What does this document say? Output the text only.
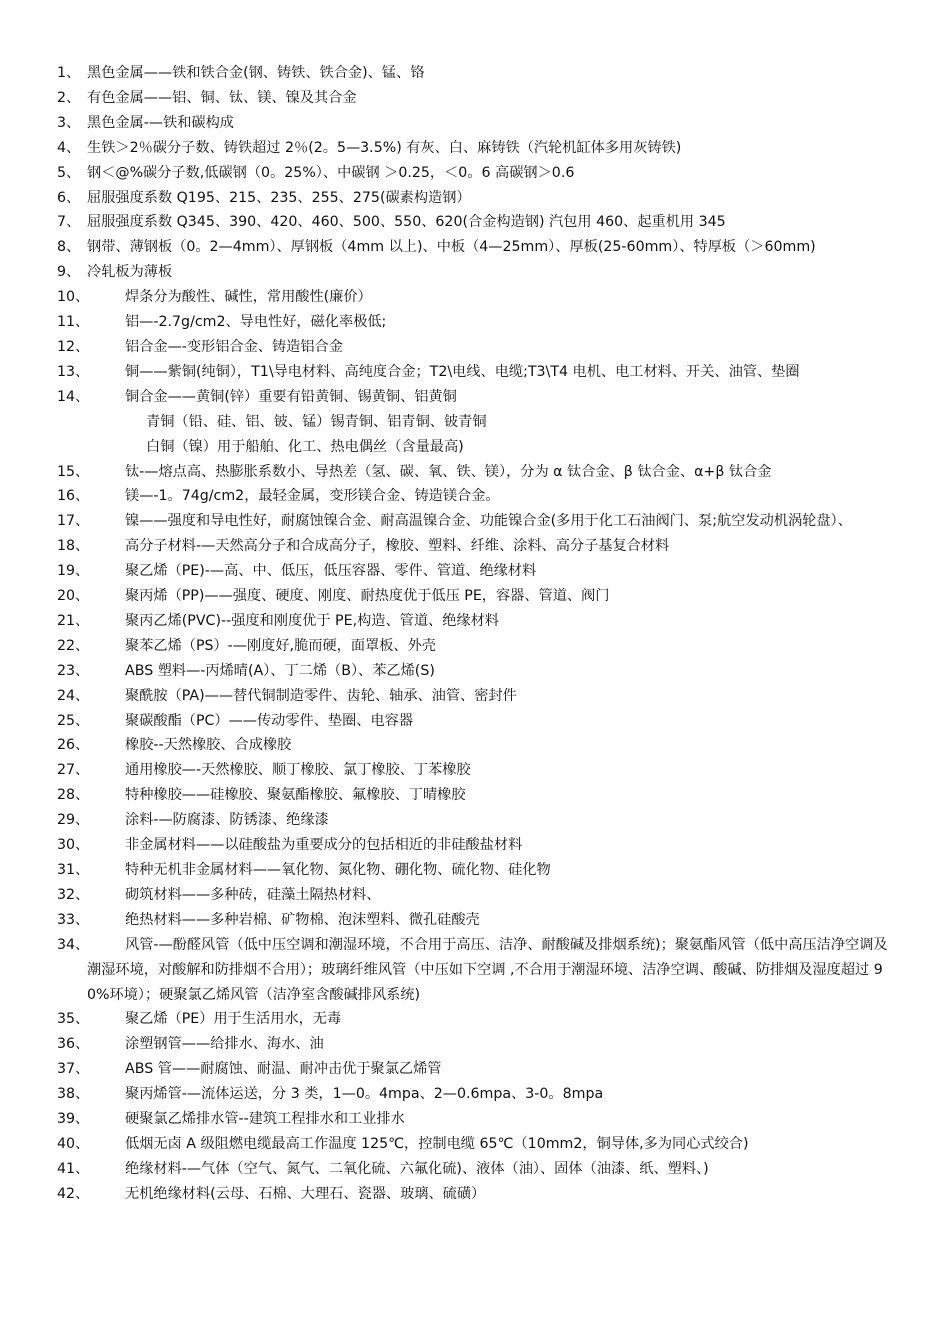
1、 黑色金属——铁和铁合金(钢、铸铁、铁合金)、锰、铬
2、 有色金属——铝、铜、钛、镁、镍及其合金
3、 黑色金属-—铁和碳构成
4、 生铁＞2％碳分子数、铸铁超过 2％(2。5—3.5%) 有灰、白、麻铸铁（汽轮机缸体多用灰铸铁)
5、 钢＜@%碳分子数,低碳钢（0。25%）、中碳钢 ＞0.25，＜0。6 高碳钢＞0.6
6、 屈服强度系数 Q195、215、235、255、275(碳素构造钢）
7、 屈服强度系数 Q345、390、420、460、500、550、620(合金构造钢) 汽包用 460、起重机用 345
8、 钢带、薄钢板（0。2—4mm）、厚钢板（4mm 以上)、中板（4—25mm）、厚板(25-60mm）、特厚板（＞60mm)
9、 冷轧板为薄板
10、	焊条分为酸性、碱性，常用酸性(廉价）
11、	铝—-2.7g/cm2、导电性好，磁化率极低;
12、	铝合金—-变形铝合金、铸造铝合金
13、	铜——紫铜(纯铜），T1\导电材料、高纯度合金；T2\电线、电缆;T3\T4 电机、电工材料、开关、油管、垫圈
14、	铜合金——黄铜(锌）重要有铅黄铜、锡黄铜、铝黄铜
青铜（铅、硅、铝、铍、锰）锡青铜、铝青铜、铍青铜
白铜（镍）用于船舶、化工、热电偶丝（含量最高)
15、	钛-—熔点高、热膨胀系数小、导热差（氢、碳、氧、铁、镁），分为 α 钛合金、β 钛合金、α+β 钛合金
16、	镁—-1。74g/cm2，最轻金属，变形镁合金、铸造镁合金。
17、	镍——强度和导电性好，耐腐蚀镍合金、耐高温镍合金、功能镍合金(多用于化工石油阀门、泵;航空发动机涡轮盘）、
18、	高分子材料-—天然高分子和合成高分子，橡胶、塑料、纤维、涂料、高分子基复合材料
19、	聚乙烯（PE)-—高、中、低压，低压容器、零件、管道、绝缘材料
20、	聚丙烯（PP)——强度、硬度、刚度、耐热度优于低压 PE，容器、管道、阀门
21、	聚丙乙烯(PVC)--强度和刚度优于 PE,构造、管道、绝缘材料
22、	聚苯乙烯（PS）-—刚度好,脆而硬，面罩板、外壳
23、	ABS 塑料—-丙烯晴(A）、丁二烯（B）、苯乙烯(S)
24、	聚酰胺（PA)——替代铜制造零件、齿轮、轴承、油管、密封件
25、	聚碳酸酯（PC）——传动零件、垫圈、电容器
26、	橡胶--天然橡胶、合成橡胶
27、	通用橡胶—-天然橡胶、顺丁橡胶、氯丁橡胶、丁苯橡胶
28、	特种橡胶——硅橡胶、聚氨酯橡胶、氟橡胶、丁晴橡胶
29、	涂料-—防腐漆、防锈漆、绝缘漆
30、	非金属材料——以硅酸盐为重要成分的包括相近的非硅酸盐材料
31、	特种无机非金属材料——氧化物、氮化物、硼化物、硫化物、硅化物
32、	砌筑材料——多种砖，硅藻土隔热材料、
33、	绝热材料——多种岩棉、矿物棉、泡沫塑料、微孔硅酸壳
34、	风管-—酚醛风管（低中压空调和潮湿环境，不合用于高压、洁净、耐酸碱及排烟系统)；聚氨酯风管（低中高压洁净空调及潮湿环境，对酸解和防排烟不合用）；玻璃纤维风管（中压如下空调 ,不合用于潮湿环境、洁净空调、酸碱、防排烟及湿度超过 90%环境）；硬聚氯乙烯风管（洁净室含酸碱排风系统)
35、	聚乙烯（PE）用于生活用水，无毒
36、	涂塑钢管——给排水、海水、油
37、	ABS 管——耐腐蚀、耐温、耐冲击优于聚氯乙烯管
38、	聚丙烯管-—流体运送，分 3 类，1—0。4mpa、2—0.6mpa、3-0。8mpa
39、	硬聚氯乙烯排水管--建筑工程排水和工业排水
40、	低烟无卤 A 级阻燃电缆最高工作温度 125℃，控制电缆 65℃（10mm2，铜导体,多为同心式绞合)
41、	绝缘材料-—气体（空气、氮气、二氧化硫、六氟化硫)、液体（油）、固体（油漆、纸、塑料、)
42、	无机绝缘材料(云母、石棉、大理石、瓷器、玻璃、硫磺）
